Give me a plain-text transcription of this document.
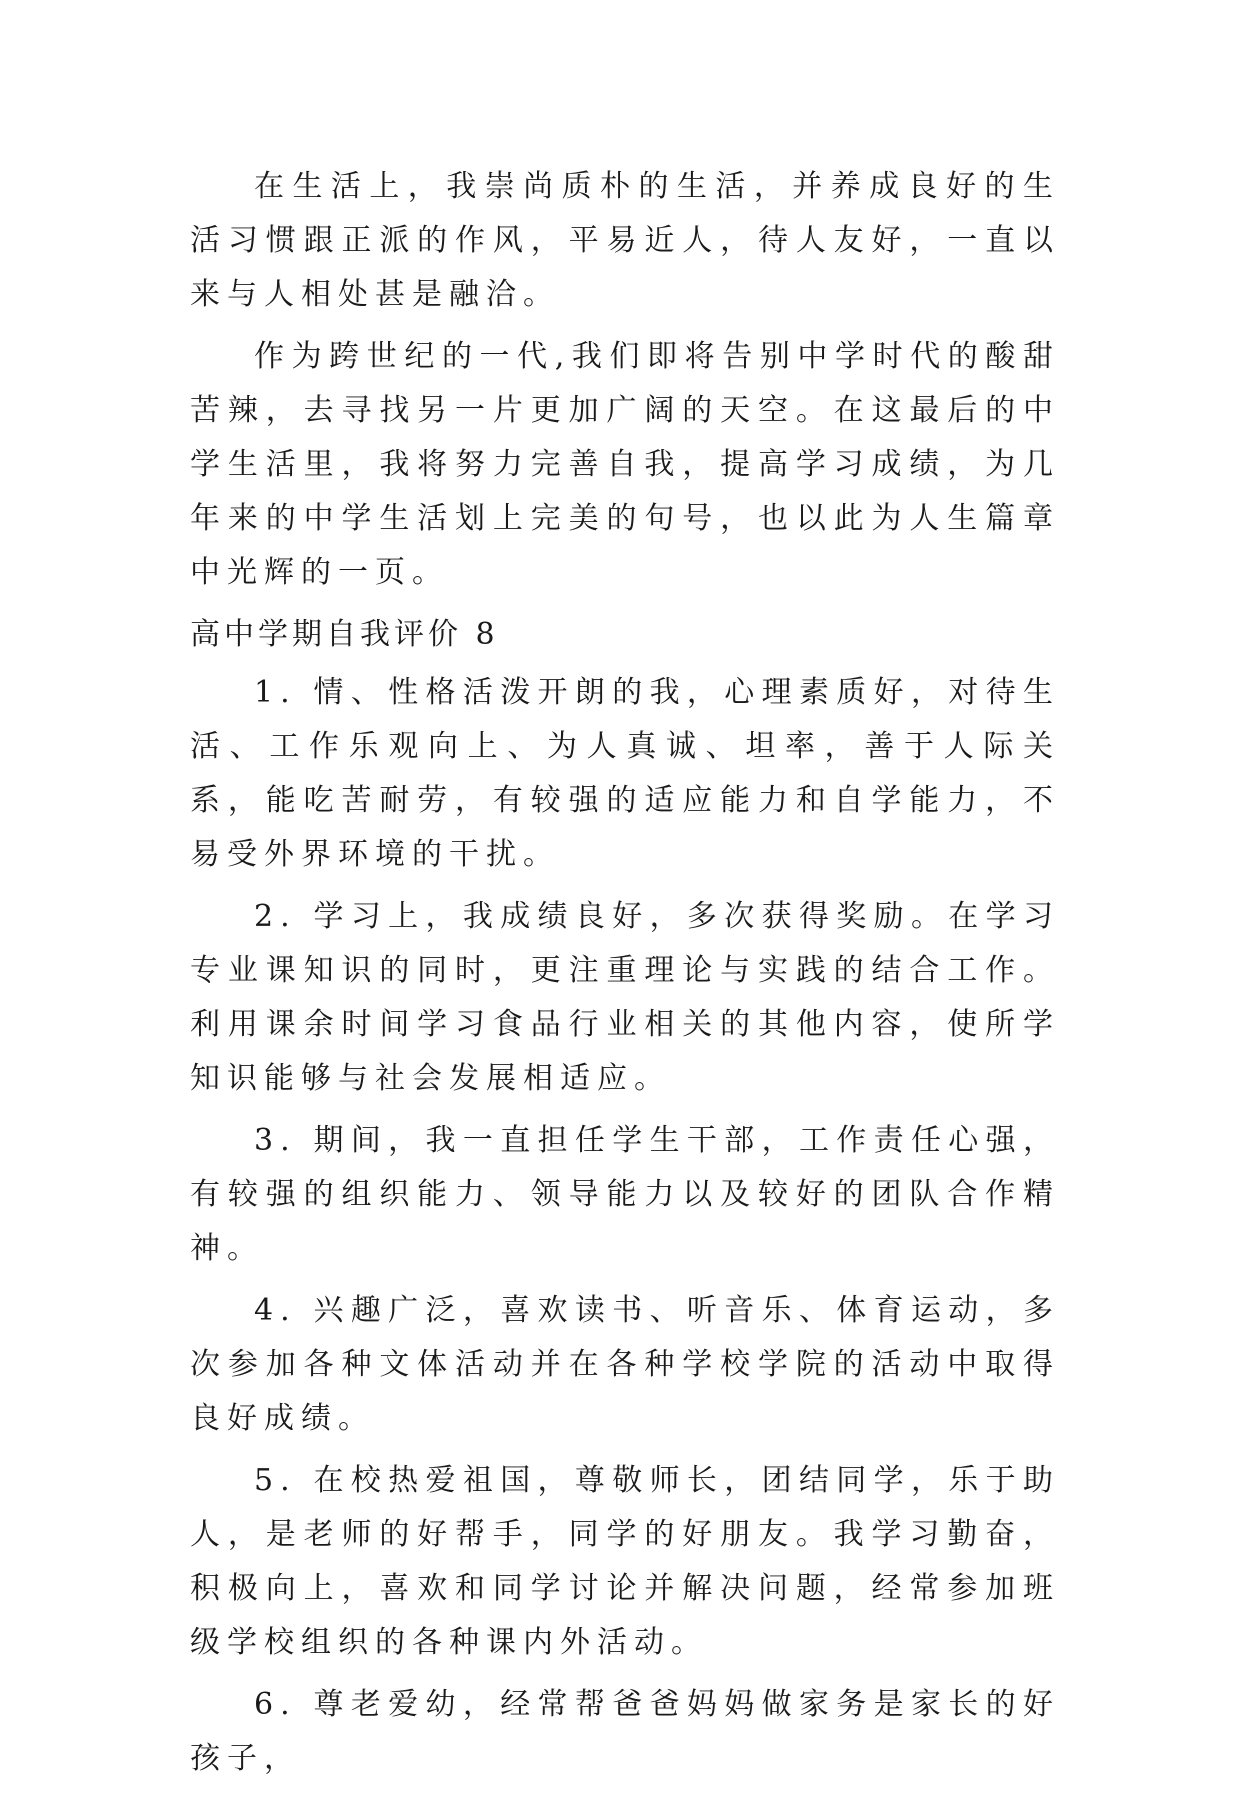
在生活上，我崇尚质朴的生活，并养成良好的生活习惯跟正派的作风，平易近人，待人友好，一直以来与人相处甚是融洽。

作为跨世纪的一代,我们即将告别中学时代的酸甜苦辣，去寻找另一片更加广阔的天空。在这最后的中学生活里，我将努力完善自我，提高学习成绩，为几年来的中学生活划上完美的句号，也以此为人生篇章中光辉的一页。

高中学期自我评价 8

1. 情、性格活泼开朗的我，心理素质好，对待生活、工作乐观向上、为人真诚、坦率，善于人际关系，能吃苦耐劳，有较强的适应能力和自学能力，不易受外界环境的干扰。

2. 学习上，我成绩良好，多次获得奖励。在学习专业课知识的同时，更注重理论与实践的结合工作。利用课余时间学习食品行业相关的其他内容，使所学知识能够与社会发展相适应。

3. 期间，我一直担任学生干部，工作责任心强，有较强的组织能力、领导能力以及较好的团队合作精神。

4. 兴趣广泛，喜欢读书、听音乐、体育运动，多次参加各种文体活动并在各种学校学院的活动中取得良好成绩。

5. 在校热爱祖国，尊敬师长，团结同学，乐于助人，是老师的好帮手，同学的好朋友。我学习勤奋，积极向上，喜欢和同学讨论并解决问题，经常参加班级学校组织的各种课内外活动。

6. 尊老爱幼，经常帮爸爸妈妈做家务是家长的好孩子，
